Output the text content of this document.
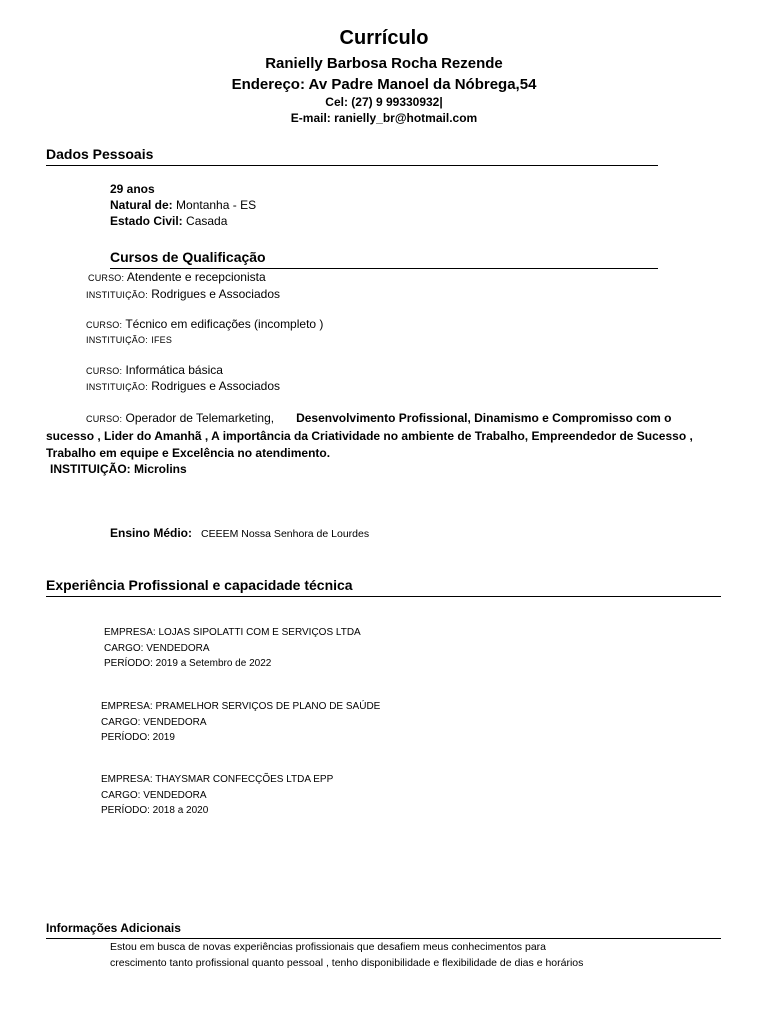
Currículo
Ranielly Barbosa Rocha Rezende
Endereço: Av Padre Manoel da Nóbrega,54
Cel: (27) 9 99330932|
E-mail: ranielly_br@hotmail.com
Dados Pessoais
29 anos
Natural de: Montanha - ES
Estado Civil: Casada
Cursos de Qualificação
CURSO: Atendente e recepcionista
INSTITUIÇÃO: Rodrigues e Associados
CURSO: Técnico em edificações (incompleto )
INSTITUIÇÃO: IFES
CURSO: Informática básica
INSTITUIÇÃO: Rodrigues e Associados
CURSO: Operador de Telemarketing, Desenvolvimento Profissional, Dinamismo e Compromisso com o
sucesso , Lider do Amanhã , A importância da Criatividade no ambiente de Trabalho, Empreendedor de Sucesso ,
Trabalho em equipe e Excelência no atendimento.
INSTITUIÇÃO: Microlins
Ensino Médio: CEEEM Nossa Senhora de Lourdes
Experiência Profissional e capacidade técnica
EMPRESA: LOJAS SIPOLATTI COM E SERVIÇOS LTDA
CARGO: VENDEDORA
PERÍODO: 2019 a Setembro de 2022
EMPRESA: PRAMELHOR SERVIÇOS DE PLANO DE SAÚDE
CARGO: VENDEDORA
PERÍODO: 2019
EMPRESA: THAYSMAR CONFECÇÕES LTDA EPP
CARGO: VENDEDORA
PERÍODO: 2018 a 2020
Informações Adicionais
Estou em busca de novas experiências profissionais que desafiem meus conhecimentos para
crescimento tanto profissional quanto pessoal , tenho disponibilidade e flexibilidade de dias e horários
